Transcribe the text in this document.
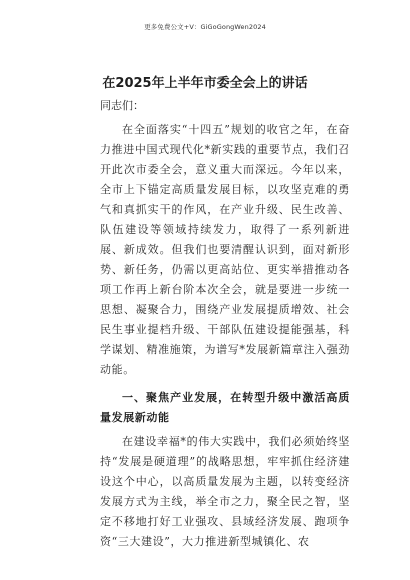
更多免费公文+V：GiGoGongWen2024
在2025年上半年市委全会上的讲话

同志们：

在全面落实“十四五”规划的收官之年，在奋力推进中国式现代化*新实践的重要节点，我们召开此次市委全会，意义重大而深远。今年以来，全市上下锚定高质量发展目标，以攻坚克难的勇气和真抓实干的作风，在产业升级、民生改善、队伍建设等领域持续发力，取得了一系列新进展、新成效。但我们也要清醒认识到，面对新形势、新任务，仍需以更高站位、更实举措推动各项工作再上新台阶本次全会，就是要进一步统一思想、凝聚合力，围绕产业发展提质增效、社会民生事业提档升级、干部队伍建设提能强基，科学谋划、精准施策，为谱写*发展新篇章注入强劲动能。

一、聚焦产业发展，在转型升级中激活高质量发展新动能

在建设幸福*的伟大实践中，我们必须始终坚持“发展是硬道理”的战略思想，牢牢抓住经济建设这个中心，以高质量发展为主题，以转变经济发展方式为主线，举全市之力，聚全民之智，坚定不移地打好工业强攻、县域经济发展、跑项争资“三大建设”，大力推进新型城镇化、农
